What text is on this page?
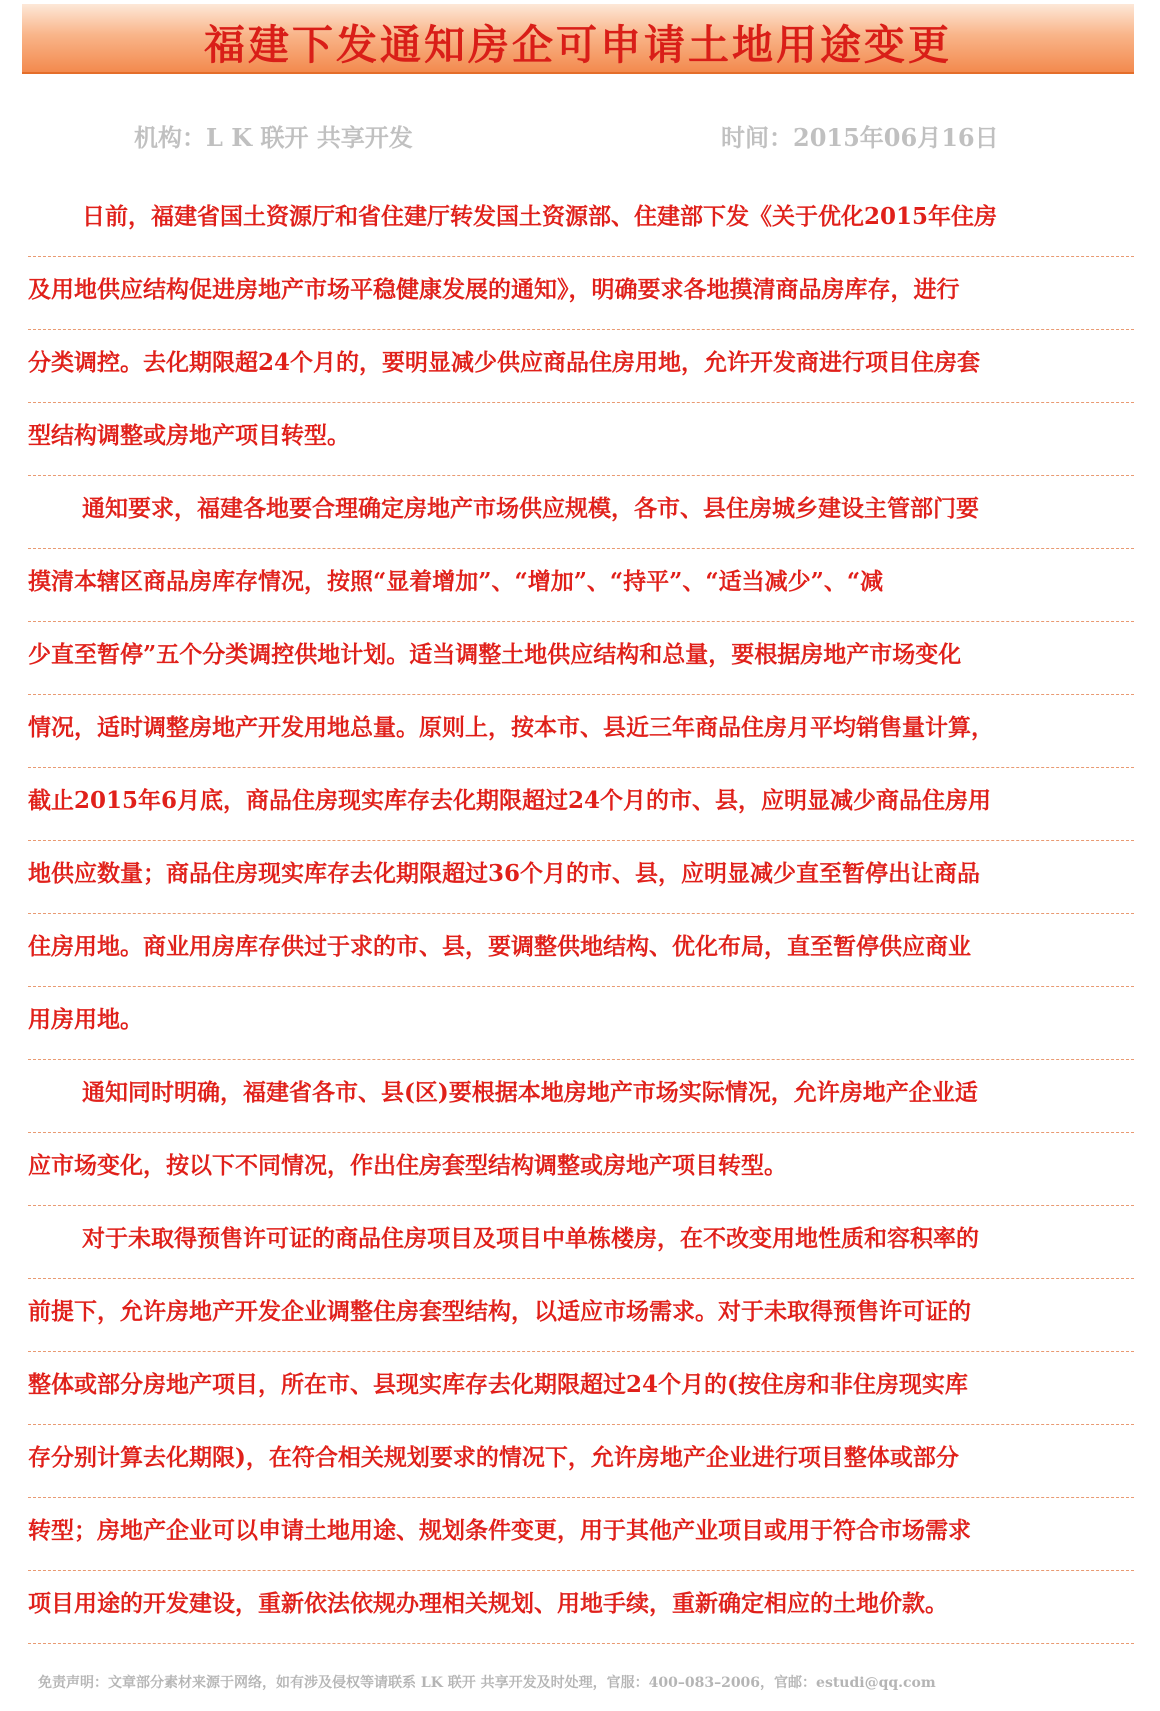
福建下发通知房企可申请土地用途变更
机构：L K 联开 共享开发	时间：2015年06月16日
日前，福建省国土资源厅和省住建厅转发国土资源部、住建部下发《关于优化2015年住房
及用地供应结构促进房地产市场平稳健康发展的通知》，明确要求各地摸清商品房库存，进行
分类调控。去化期限超24个月的，要明显减少供应商品住房用地，允许开发商进行项目住房套
型结构调整或房地产项目转型。
通知要求，福建各地要合理确定房地产市场供应规模，各市、县住房城乡建设主管部门要
摸清本辖区商品房库存情况，按照“显着增加”、“增加”、“持平”、“适当减少”、“减
少直至暂停”五个分类调控供地计划。适当调整土地供应结构和总量，要根据房地产市场变化
情况，适时调整房地产开发用地总量。原则上，按本市、县近三年商品住房月平均销售量计算，
截止2015年6月底，商品住房现实库存去化期限超过24个月的市、县，应明显减少商品住房用
地供应数量；商品住房现实库存去化期限超过36个月的市、县，应明显减少直至暂停出让商品
住房用地。商业用房库存供过于求的市、县，要调整供地结构、优化布局，直至暂停供应商业
用房用地。
通知同时明确，福建省各市、县(区)要根据本地房地产市场实际情况，允许房地产企业适
应市场变化，按以下不同情况，作出住房套型结构调整或房地产项目转型。
对于未取得预售许可证的商品住房项目及项目中单栋楼房，在不改变用地性质和容积率的
前提下，允许房地产开发企业调整住房套型结构，以适应市场需求。对于未取得预售许可证的
整体或部分房地产项目，所在市、县现实库存去化期限超过24个月的(按住房和非住房现实库
存分别计算去化期限)，在符合相关规划要求的情况下，允许房地产企业进行项目整体或部分
转型；房地产企业可以申请土地用途、规划条件变更，用于其他产业项目或用于符合市场需求
项目用途的开发建设，重新依法依规办理相关规划、用地手续，重新确定相应的土地价款。
免责声明：文章部分素材来源于网络，如有涉及侵权等请联系 LK 联开 共享开发及时处理，官服：400–083–2006，官邮：estudi@qq.com
